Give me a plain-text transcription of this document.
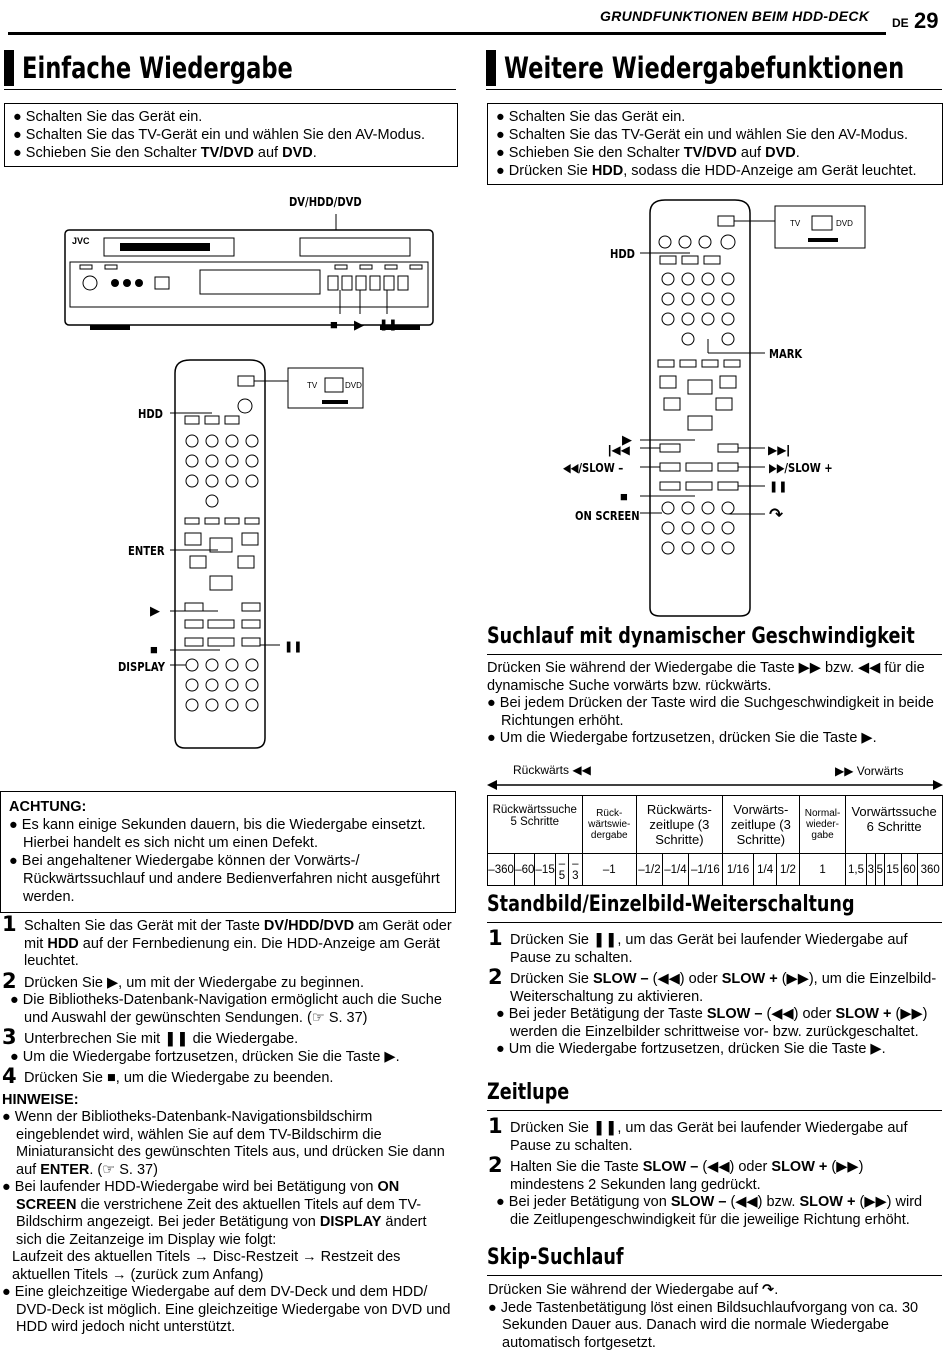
GRUNDFUNKTIONEN BEIM HDD-DECK DE 29
Einfache Wiedergabe
● Schalten Sie das Gerät ein.
● Schalten Sie das TV-Gerät ein und wählen Sie den AV-Modus.
● Schieben Sie den Schalter TV/DVD auf DVD.
DV/HDD/DVD
JVC
■ ▶ ❚❚
TV	DVD
HDD
ENTER
▶
■
DISPLAY
❚❚
ACHTUNG:
● Es kann einige Sekunden dauern, bis die Wiedergabe einsetzt. Hierbei handelt es sich nicht um einen Defekt.
● Bei angehaltener Wiedergabe können der Vorwärts-/ Rückwärtssuchlauf und andere Bedienverfahren nicht ausgeführt werden.
1 Schalten Sie das Gerät mit der Taste DV/HDD/DVD am Gerät oder mit HDD auf der Fernbedienung ein. Die HDD-Anzeige am Gerät leuchtet.
2 Drücken Sie ▶, um mit der Wiedergabe zu beginnen.
● Die Bibliotheks-Datenbank-Navigation ermöglicht auch die Suche und Auswahl der gewünschten Sendungen. (☞ S. 37)
3 Unterbrechen Sie mit ❚❚ die Wiedergabe.
● Um die Wiedergabe fortzusetzen, drücken Sie die Taste ▶.
4 Drücken Sie ■, um die Wiedergabe zu beenden.
HINWEISE:
● Wenn der Bibliotheks-Datenbank-Navigationsbildschirm eingeblendet wird, wählen Sie auf dem TV-Bildschirm die Miniaturansicht des gewünschten Titels aus, und drücken Sie dann auf ENTER. (☞ S. 37)
● Bei laufender HDD-Wiedergabe wird bei Betätigung von ON SCREEN die verstrichene Zeit des aktuellen Titels auf dem TV-Bildschirm angezeigt. Bei jeder Betätigung von DISPLAY ändert sich die Zeitanzeige im Display wie folgt:
Laufzeit des aktuellen Titels → Disc-Restzeit → Restzeit des aktuellen Titels → (zurück zum Anfang)
● Eine gleichzeitige Wiedergabe auf dem DV-Deck und dem HDD/ DVD-Deck ist möglich. Eine gleichzeitige Wiedergabe von DVD und HDD wird jedoch nicht unterstützt.
Weitere Wiedergabefunktionen
● Schalten Sie das Gerät ein.
● Schalten Sie das TV-Gerät ein und wählen Sie den AV-Modus.
● Schieben Sie den Schalter TV/DVD auf DVD.
● Drücken Sie HDD, sodass die HDD-Anzeige am Gerät leuchtet.
TV	DVD
HDD
MARK
▶
|◀◀	▶▶|
◀◀/SLOW –	▶▶/SLOW +
■
❚❚
ON SCREEN	↷
Suchlauf mit dynamischer Geschwindigkeit
Drücken Sie während der Wiedergabe die Taste ▶▶ bzw. ◀◀ für die dynamische Suche vorwärts bzw. rückwärts.
● Bei jedem Drücken der Taste wird die Suchgeschwindigkeit in beide Richtungen erhöht.
● Um die Wiedergabe fortzusetzen, drücken Sie die Taste ▶.
Rückwärts ◀◀	▶▶ Vorwärts
Rückwärtssuche 5 Schritte					Rück-wärtswie-dergabe	Rückwärts-zeitlupe (3 Schritte)			Vorwärts-zeitlupe (3 Schritte)			Normal-wieder-gabe	Vorwärtssuche 6 Schritte					
–360	–60	–15	–5	–3	–1	–1/2	–1/4	–1/16	1/16	1/4	1/2	1	1,5	3	5	15	60	360
Standbild/Einzelbild-Weiterschaltung
1 Drücken Sie ❚❚, um das Gerät bei laufender Wiedergabe auf Pause zu schalten.
2 Drücken Sie SLOW – (◀◀) oder SLOW + (▶▶), um die Einzelbild-Weiterschaltung zu aktivieren.
● Bei jeder Betätigung der Taste SLOW – (◀◀) oder SLOW + (▶▶) werden die Einzelbilder schrittweise vor- bzw. zurückgeschaltet.
● Um die Wiedergabe fortzusetzen, drücken Sie die Taste ▶.
Zeitlupe
1 Drücken Sie ❚❚, um das Gerät bei laufender Wiedergabe auf Pause zu schalten.
2 Halten Sie die Taste SLOW – (◀◀) oder SLOW + (▶▶) mindestens 2 Sekunden lang gedrückt.
● Bei jeder Betätigung von SLOW – (◀◀) bzw. SLOW + (▶▶) wird die Zeitlupengeschwindigkeit für die jeweilige Richtung erhöht.
Skip-Suchlauf
Drücken Sie während der Wiedergabe auf ↷.
● Jede Tastenbetätigung löst einen Bildsuchlaufvorgang von ca. 30 Sekunden Dauer aus. Danach wird die normale Wiedergabe automatisch fortgesetzt.
